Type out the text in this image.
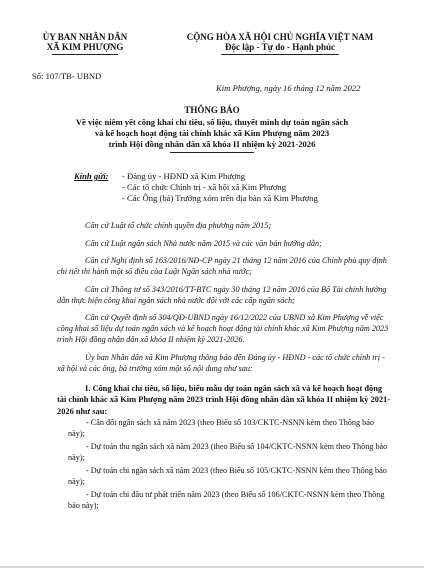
ỦY BAN NHÂN DÂN
XÃ KIM PHƯỢNG
CỘNG HÒA XÃ HỘI CHỦ NGHĨA VIỆT NAM
Độc lập - Tự do - Hạnh phúc
Số: 107/TB- UBND
Kim Phượng, ngày 16 tháng 12 năm 2022
THÔNG BÁO
Về việc niêm yết công khai chỉ tiêu, số liệu, thuyết minh dự toán ngân sách
và kế hoạch hoạt động tài chính khác xã Kim Phượng năm 2023
trình Hội đồng nhân dân xã khóa II nhiệm kỳ 2021-2026
Kính gửi: - Đảng ủy - HĐND xã Kim Phượng
- Các tổ chức Chính trị - xã hội xã Kim Phượng
- Các Ông (bà) Trưởng xóm trên địa bàn xã Kim Phượng
Căn cứ Luật tổ chức chính quyền địa phương năm 2015;
Căn cứ Luật ngân sách Nhà nước năm 2015 và các văn bản hướng dẫn;
Căn cứ Nghị định số 163/2016/NĐ-CP ngày 21 tháng 12 năm 2016 của Chính phủ quy định chi tiết thi hành một số điều của Luật Ngân sách nhà nước;
Căn cứ Thông tư số 343/2016/TT-BTC ngày 30 tháng 12 năm 2016 của Bộ Tài chính hướng dẫn thực hiện công khai ngân sách nhà nước đối với các cấp ngân sách;
Căn cứ Quyết định số 304/QĐ-UBND ngày 16/12/2022 của UBND xã Kim Phượng về việc công khai số liệu dự toán ngân sách và kế hoạch hoạt động tài chính khác xã Kim Phượng năm 2023 trình Hội đồng nhân dân xã khóa II nhiệm kỳ 2021-2026.
Ủy ban Nhân dân xã Kim Phượng thông báo đến Đảng ủy - HĐND - các tổ chức chính trị - xã hội và các ông, bà trưởng xóm một số nội dung như sau:
I. Công khai chỉ tiêu, số liệu, biểu mẫu dự toán ngân sách xã và kế hoạch hoạt động tài chính khác xã Kim Phượng năm 2023 trình Hội đồng nhân dân xã khóa II nhiệm kỳ 2021-2026 như sau:
- Cân đối ngân sách xã năm 2023 (theo Biểu số 103/CKTC-NSNN kèm theo Thông báo này);
- Dự toán thu ngân sách xã năm 2023 (theo Biểu số 104/CKTC-NSNN kèm theo Thông báo này);
- Dự toán chi ngân sách xã năm 2023 (theo Biểu số 105/CKTC-NSNN kèm theo Thông báo này);
- Dự toán chi đầu tư phát triển năm 2023 (theo Biểu số 106/CKTC-NSNN kèm theo Thông báo này);
